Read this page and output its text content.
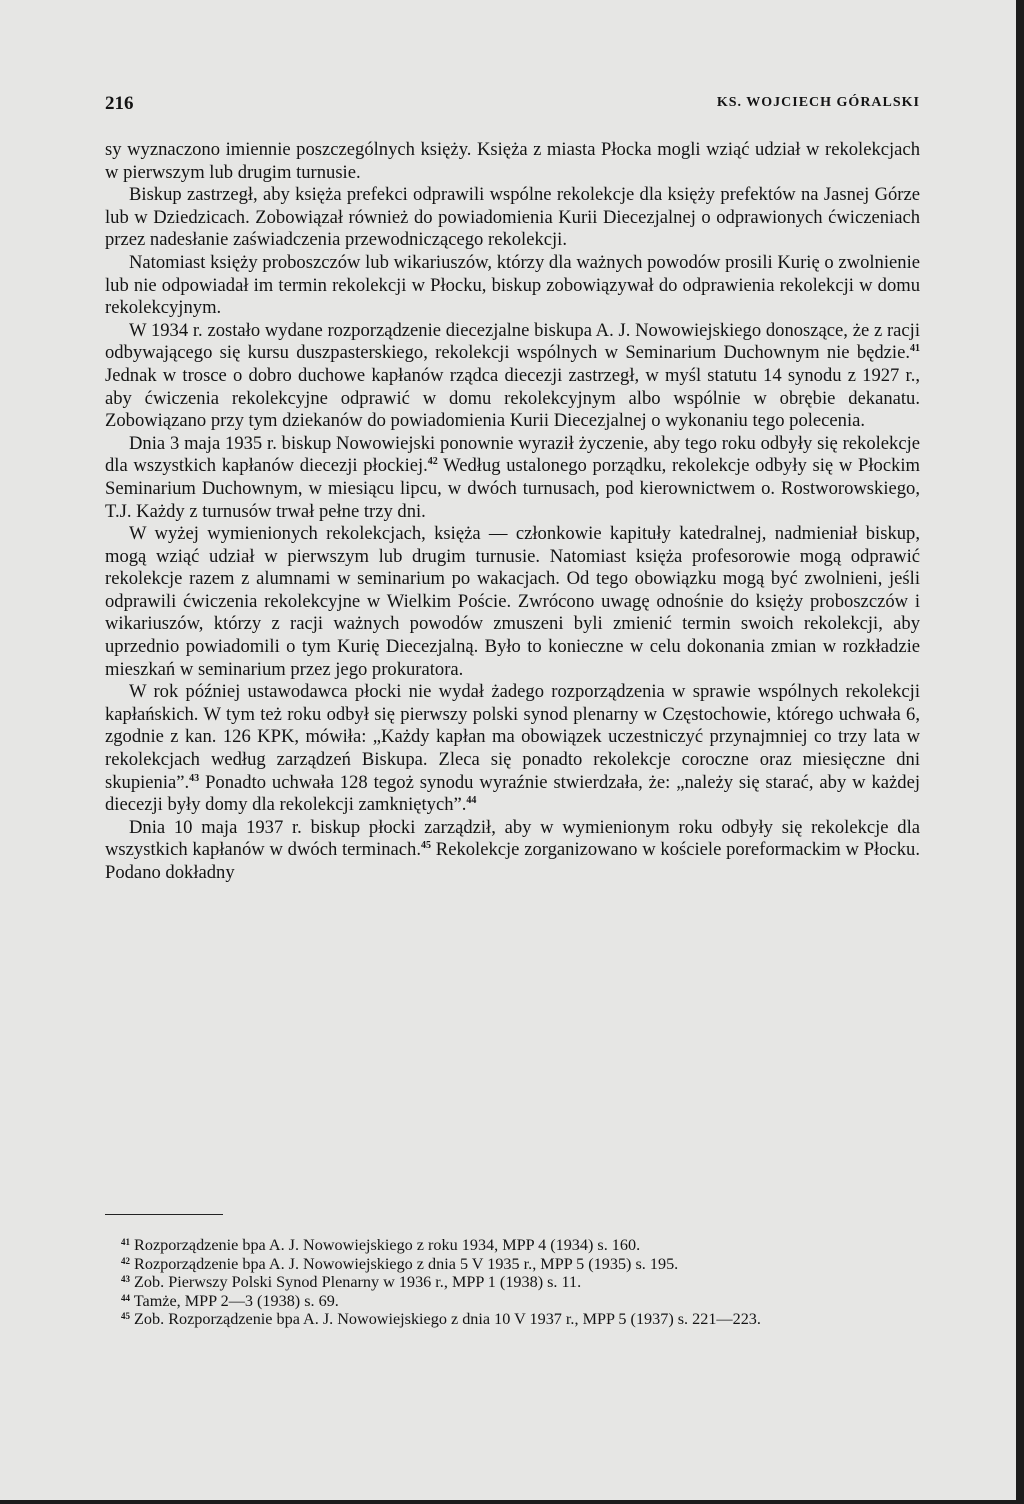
216	KS. WOJCIECH GÓRALSKI

sy wyznaczono imiennie poszczególnych księży. Księża z miasta Płocka mogli wziąć udział w rekolekcjach w pierwszym lub drugim turnusie.

Biskup zastrzegł, aby księża prefekci odprawili wspólne rekolekcje dla księży prefektów na Jasnej Górze lub w Dziedzicach. Zobowiązał również do powiadomienia Kurii Diecezjalnej o odprawionych ćwiczeniach przez nadesłanie zaświadczenia przewodniczącego rekolekcji.

Natomiast księży proboszczów lub wikariuszów, którzy dla ważnych powodów prosili Kurię o zwolnienie lub nie odpowiadał im termin rekolekcji w Płocku, biskup zobowiązywał do odprawienia rekolekcji w domu rekolekcyjnym.

W 1934 r. zostało wydane rozporządzenie diecezjalne biskupa A. J. Nowowiejskiego donoszące, że z racji odbywającego się kursu duszpasterskiego, rekolekcji wspólnych w Seminarium Duchownym nie będzie.$^{41}$ Jednak w trosce o dobro duchowe kapłanów rządca diecezji zastrzegł, w myśl statutu 14 synodu z 1927 r., aby ćwiczenia rekolekcyjne odprawić w domu rekolekcyjnym albo wspólnie w obrębie dekanatu. Zobowiązano przy tym dziekanów do powiadomienia Kurii Diecezjalnej o wykonaniu tego polecenia.

Dnia 3 maja 1935 r. biskup Nowowiejski ponownie wyraził życzenie, aby tego roku odbyły się rekolekcje dla wszystkich kapłanów diecezji płockiej.$^{42}$ Według ustalonego porządku, rekolekcje odbyły się w Płockim Seminarium Duchownym, w miesiącu lipcu, w dwóch turnusach, pod kierownictwem o. Rostworowskiego, T.J. Każdy z turnusów trwał pełne trzy dni.

W wyżej wymienionych rekolekcjach, księża — członkowie kapituły katedralnej, nadmieniał biskup, mogą wziąć udział w pierwszym lub drugim turnusie. Natomiast księża profesorowie mogą odprawić rekolekcje razem z alumnami w seminarium po wakacjach. Od tego obowiązku mogą być zwolnieni, jeśli odprawili ćwiczenia rekolekcyjne w Wielkim Poście. Zwrócono uwagę odnośnie do księży proboszczów i wikariuszów, którzy z racji ważnych powodów zmuszeni byli zmienić termin swoich rekolekcji, aby uprzednio powiadomili o tym Kurię Diecezjalną. Było to konieczne w celu dokonania zmian w rozkładzie mieszkań w seminarium przez jego prokuratora.

W rok później ustawodawca płocki nie wydał żadego rozporządzenia w sprawie wspólnych rekolekcji kapłańskich. W tym też roku odbył się pierwszy polski synod plenarny w Częstochowie, którego uchwała 6, zgodnie z kan. 126 KPK, mówiła: „Każdy kapłan ma obowiązek uczestniczyć przynajmniej co trzy lata w rekolekcjach według zarządzeń Biskupa. Zleca się ponadto rekolekcje coroczne oraz miesięczne dni skupienia”.$^{43}$ Ponadto uchwała 128 tegoż synodu wyraźnie stwierdzała, że: „należy się starać, aby w każdej diecezji były domy dla rekolekcji zamkniętych”.$^{44}$

Dnia 10 maja 1937 r. biskup płocki zarządził, aby w wymienionym roku odbyły się rekolekcje dla wszystkich kapłanów w dwóch terminach.$^{45}$ Rekolekcje zorganizowano w kościele poreformackim w Płocku. Podano dokładny

$^{41}$ Rozporządzenie bpa A. J. Nowowiejskiego z roku 1934, MPP 4 (1934) s. 160.

$^{42}$ Rozporządzenie bpa A. J. Nowowiejskiego z dnia 5 V 1935 r., MPP 5 (1935) s. 195.

$^{43}$ Zob. Pierwszy Polski Synod Plenarny w 1936 r., MPP 1 (1938) s. 11.

$^{44}$ Tamże, MPP 2—3 (1938) s. 69.

$^{45}$ Zob. Rozporządzenie bpa A. J. Nowowiejskiego z dnia 10 V 1937 r., MPP 5 (1937) s. 221—223.
